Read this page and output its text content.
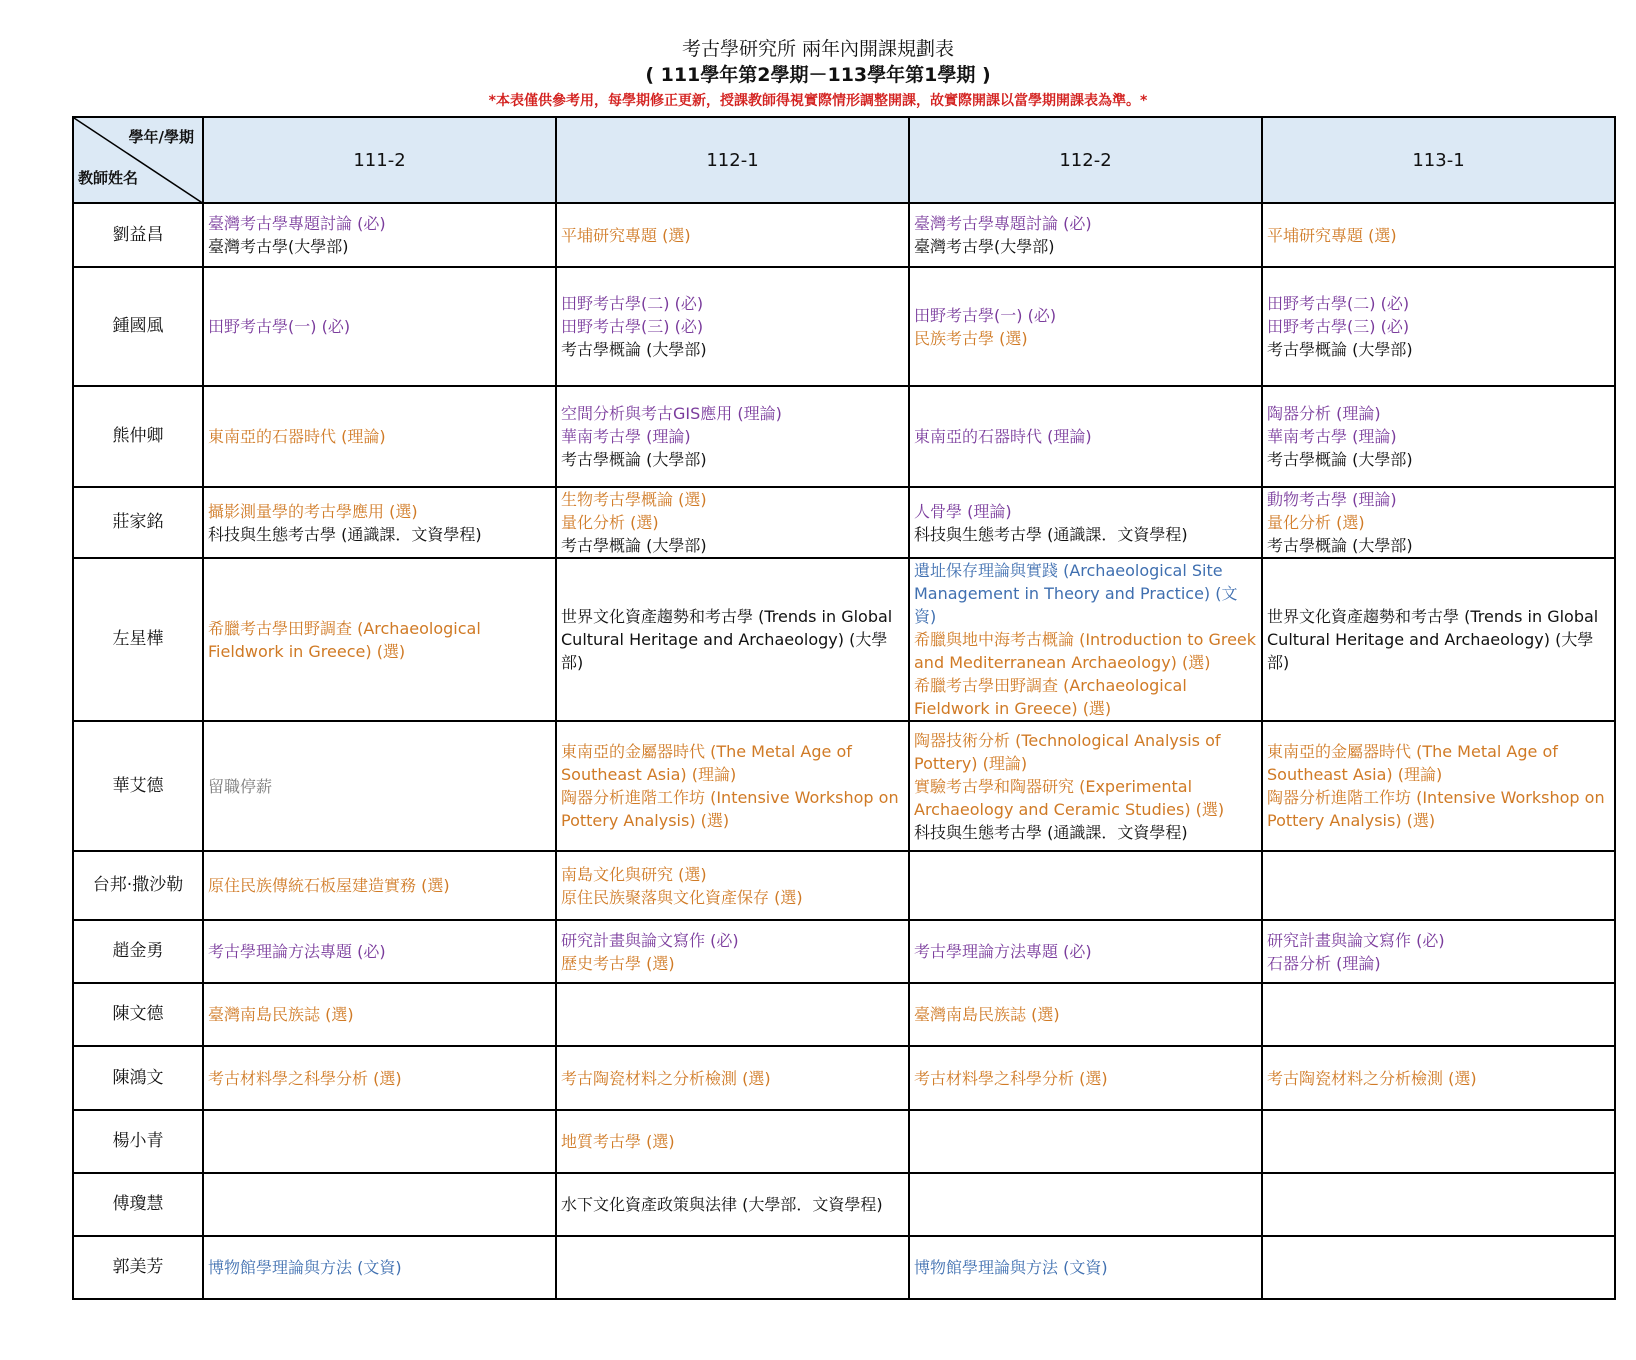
考古學研究所 兩年內開課規劃表
( 111學年第2學期－113學年第1學期 )
*本表僅供參考用，每學期修正更新，授課教師得視實際情形調整開課，故實際開課以當學期開課表為準。*
學年/學期
教師姓名	111-2	112-1	112-2	113-1
劉益昌	臺灣考古學專題討論 (必)
臺灣考古學(大學部)	平埔研究專題 (選)	臺灣考古學專題討論 (必)
臺灣考古學(大學部)	平埔研究專題 (選)

鍾國風	田野考古學(一) (必)	田野考古學(二) (必)
田野考古學(三) (必)
考古學概論 (大學部)	田野考古學(一) (必)
民族考古學 (選)	田野考古學(二) (必)
田野考古學(三) (必)
考古學概論 (大學部)

熊仲卿	東南亞的石器時代 (理論)	空間分析與考古GIS應用 (理論)
華南考古學 (理論)
考古學概論 (大學部)	東南亞的石器時代 (理論)	陶器分析 (理論)
華南考古學 (理論)
考古學概論 (大學部)

莊家銘	攝影測量學的考古學應用 (選)
科技與生態考古學 (通識課．文資學程)	生物考古學概論 (選)
量化分析 (選)
考古學概論 (大學部)	人骨學 (理論)
科技與生態考古學 (通識課．文資學程)	動物考古學 (理論)
量化分析 (選)
考古學概論 (大學部)

左星樺	希臘考古學田野調查 (Archaeological Fieldwork in Greece) (選)	世界文化資產趨勢和考古學 (Trends in Global Cultural Heritage and Archaeology) (大學部)	遺址保存理論與實踐 (Archaeological Site Management in Theory and Practice) (文資)
希臘與地中海考古概論 (Introduction to Greek and Mediterranean Archaeology) (選)
希臘考古學田野調查 (Archaeological Fieldwork in Greece) (選)	世界文化資產趨勢和考古學 (Trends in Global Cultural Heritage and Archaeology) (大學部)

華艾德	留職停薪	東南亞的金屬器時代 (The Metal Age of Southeast Asia) (理論)
陶器分析進階工作坊 (Intensive Workshop on Pottery Analysis) (選)	陶器技術分析 (Technological Analysis of Pottery) (理論)
實驗考古學和陶器研究 (Experimental Archaeology and Ceramic Studies) (選)
科技與生態考古學 (通識課．文資學程)	東南亞的金屬器時代 (The Metal Age of Southeast Asia) (理論)
陶器分析進階工作坊 (Intensive Workshop on Pottery Analysis) (選)

台邦‧撒沙勒	原住民族傳統石板屋建造實務 (選)	南島文化與研究 (選)
原住民族聚落與文化資產保存 (選)		

趙金勇	考古學理論方法專題 (必)	研究計畫與論文寫作 (必)
歷史考古學 (選)	考古學理論方法專題 (必)	研究計畫與論文寫作 (必)
石器分析 (理論)

陳文德	臺灣南島民族誌 (選)		臺灣南島民族誌 (選)	

陳鴻文	考古材料學之科學分析 (選)	考古陶瓷材料之分析檢測 (選)	考古材料學之科學分析 (選)	考古陶瓷材料之分析檢測 (選)

楊小青		地質考古學 (選)		

傅瓊慧		水下文化資產政策與法律 (大學部．文資學程)		

郭美芳	博物館學理論與方法 (文資)		博物館學理論與方法 (文資)	
